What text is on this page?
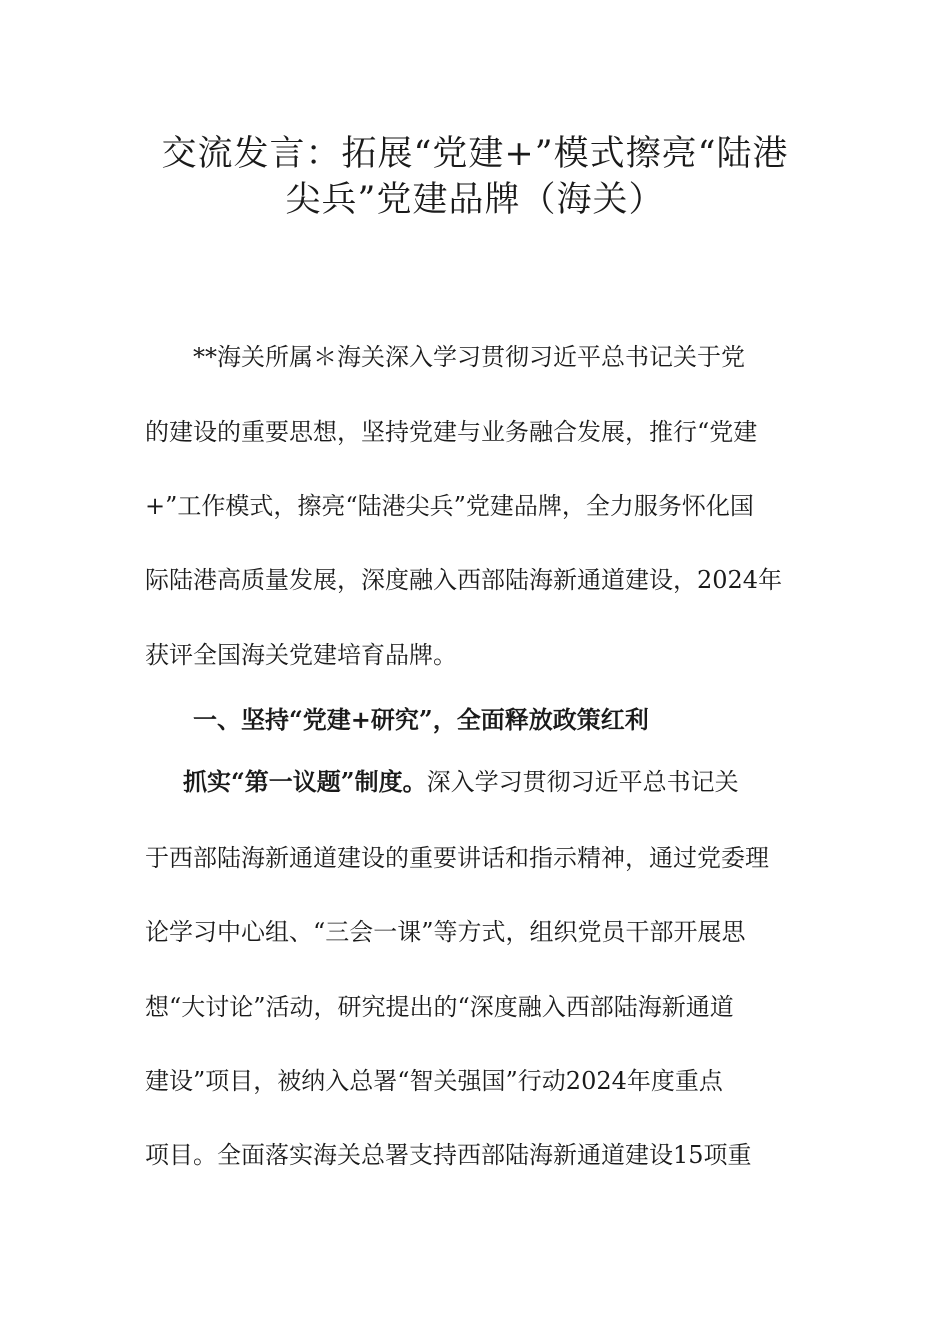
交流发言：拓展“党建+”模式擦亮“陆港
尖兵”党建品牌（海关）
**海关所属＊海关深入学习贯彻习近平总书记关于党
的建设的重要思想，坚持党建与业务融合发展，推行“党建
+”工作模式，擦亮“陆港尖兵”党建品牌，全力服务怀化国
际陆港高质量发展，深度融入西部陆海新通道建设，2024年
获评全国海关党建培育品牌。
一、坚持“党建+研究”，全面释放政策红利
抓实“第一议题”制度。深入学习贯彻习近平总书记关
于西部陆海新通道建设的重要讲话和指示精神，通过党委理
论学习中心组、“三会一课”等方式，组织党员干部开展思
想“大讨论”活动，研究提出的“深度融入西部陆海新通道
建设”项目，被纳入总署“智关强国”行动2024年度重点
项目。全面落实海关总署支持西部陆海新通道建设15项重
